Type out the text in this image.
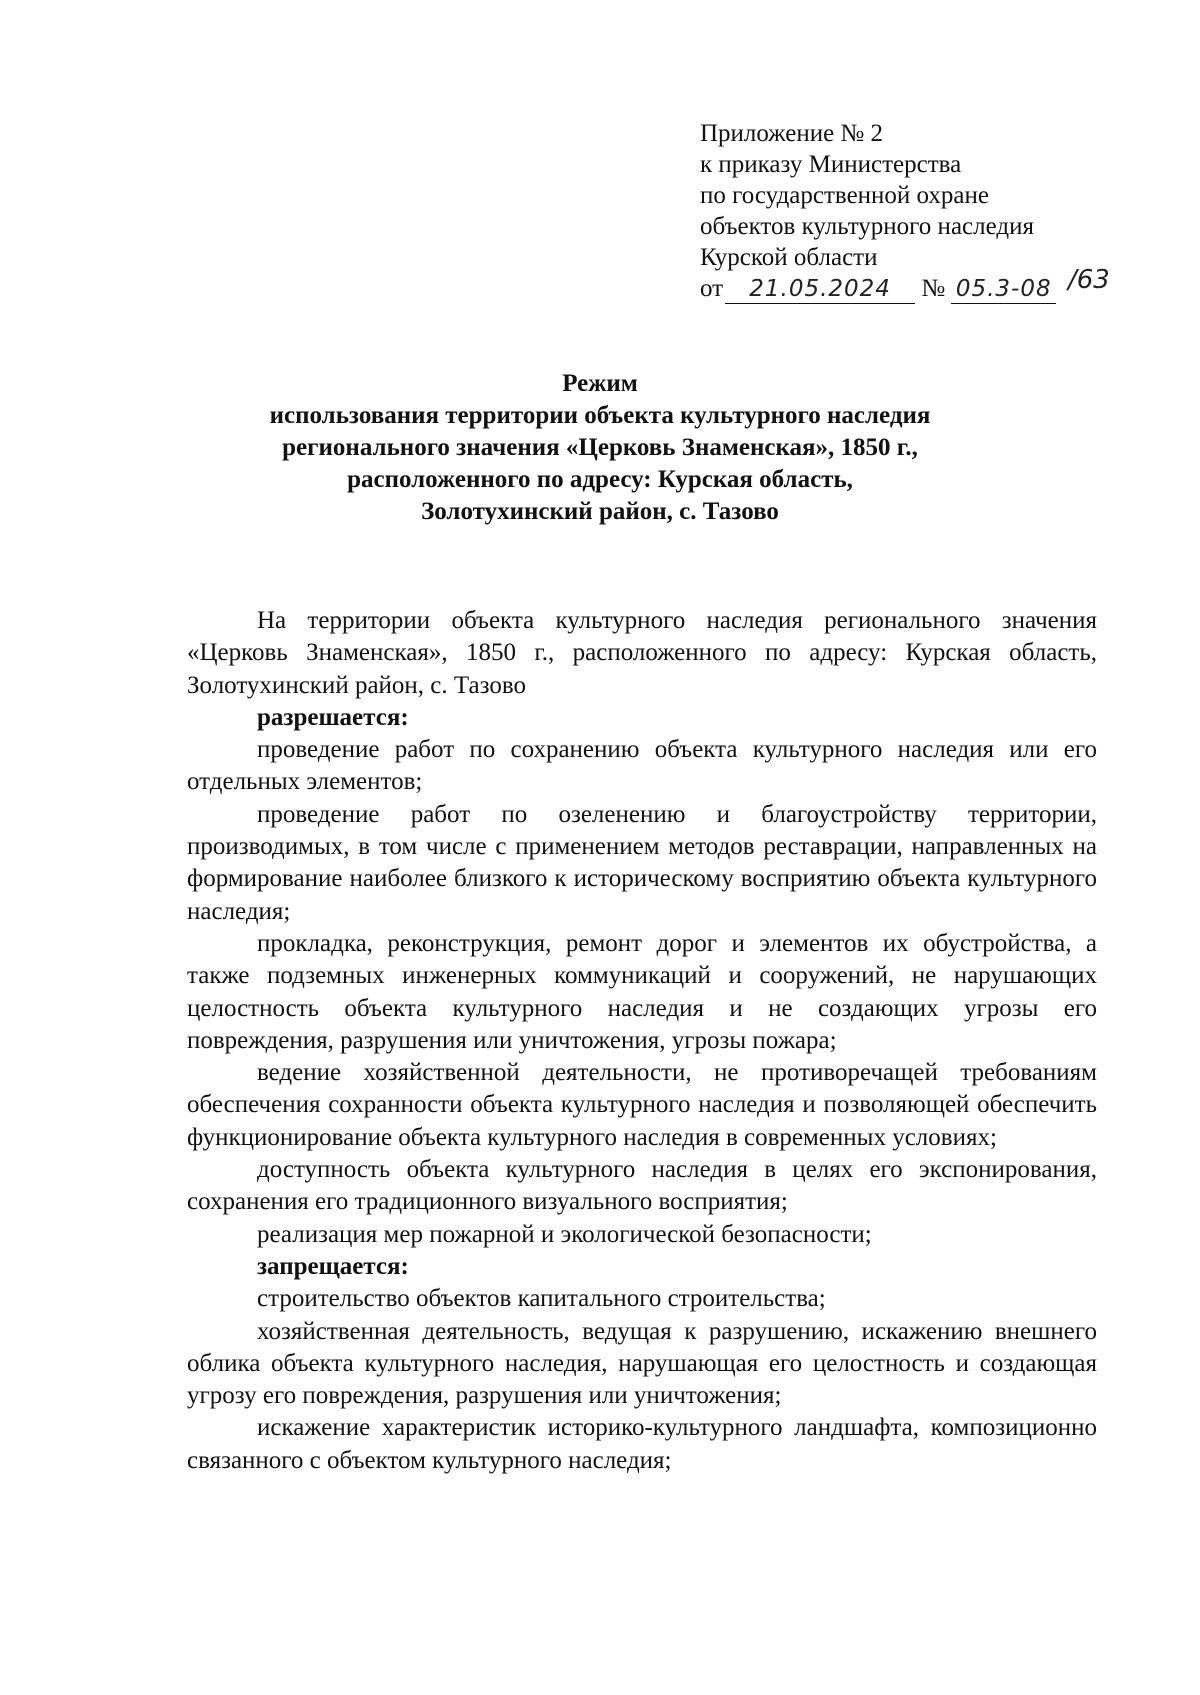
Приложение № 2
к приказу Министерства
по государственной охране
объектов культурного наследия
Курской области
от 21.05.2024 № 05.3-08 /63
Режим
использования территории объекта культурного наследия
регионального значения «Церковь Знаменская», 1850 г.,
расположенного по адресу: Курская область,
Золотухинский район, с. Тазово

На территории объекта культурного наследия регионального значения «Церковь Знаменская», 1850 г., расположенного по адресу: Курская область, Золотухинский район, с. Тазово

разрешается:

проведение работ по сохранению объекта культурного наследия или его отдельных элементов;

проведение работ по озеленению и благоустройству территории, производимых, в том числе с применением методов реставрации, направленных на формирование наиболее близкого к историческому восприятию объекта культурного наследия;

прокладка, реконструкция, ремонт дорог и элементов их обустройства, а также подземных инженерных коммуникаций и сооружений, не нарушающих целостность объекта культурного наследия и не создающих угрозы его повреждения, разрушения или уничтожения, угрозы пожара;

ведение хозяйственной деятельности, не противоречащей требованиям обеспечения сохранности объекта культурного наследия и позволяющей обеспечить функционирование объекта культурного наследия в современных условиях;

доступность объекта культурного наследия в целях его экспонирования, сохранения его традиционного визуального восприятия;

реализация мер пожарной и экологической безопасности;

запрещается:

строительство объектов капитального строительства;

хозяйственная деятельность, ведущая к разрушению, искажению внешнего облика объекта культурного наследия, нарушающая его целостность и создающая угрозу его повреждения, разрушения или уничтожения;

искажение характеристик историко-культурного ландшафта, композиционно связанного с объектом культурного наследия;
